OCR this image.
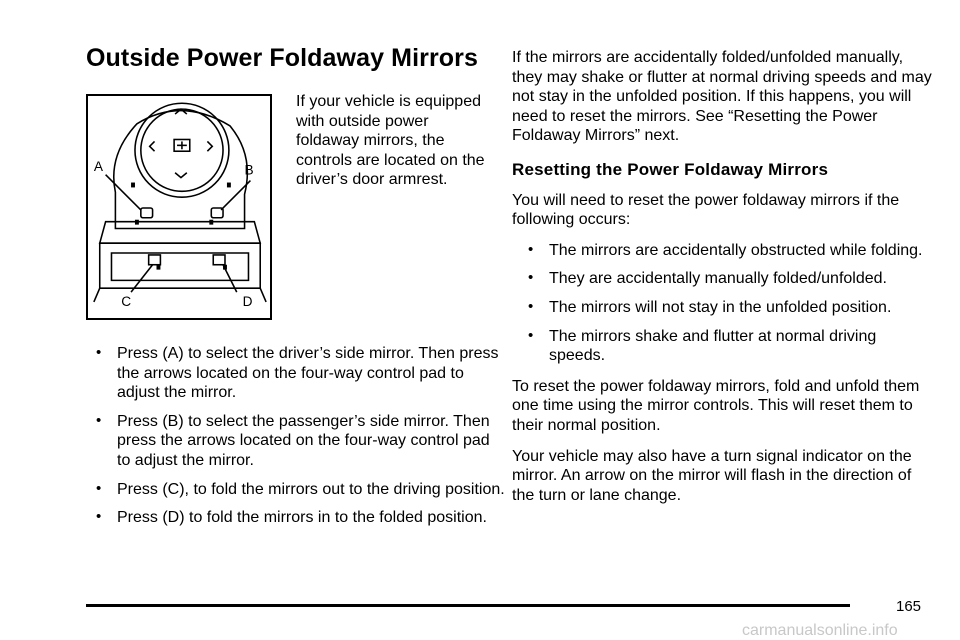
Outside Power Foldaway Mirrors
A	B
C	D

If your vehicle is equipped with outside power foldaway mirrors, the controls are located on the driver’s door armrest.

• Press (A) to select the driver’s side mirror. Then press the arrows located on the four-way control pad to adjust the mirror.
• Press (B) to select the passenger’s side mirror. Then press the arrows located on the four-way control pad to adjust the mirror.
• Press (C), to fold the mirrors out to the driving position.
• Press (D) to fold the mirrors in to the folded position.

If the mirrors are accidentally folded/unfolded manually, they may shake or flutter at normal driving speeds and may not stay in the unfolded position. If this happens, you will need to reset the mirrors. See “Resetting the Power Foldaway Mirrors” next.

Resetting the Power Foldaway Mirrors

You will need to reset the power foldaway mirrors if the following occurs:

• The mirrors are accidentally obstructed while folding.
• They are accidentally manually folded/unfolded.
• The mirrors will not stay in the unfolded position.
• The mirrors shake and flutter at normal driving speeds.

To reset the power foldaway mirrors, fold and unfold them one time using the mirror controls. This will reset them to their normal position.

Your vehicle may also have a turn signal indicator on the mirror. An arrow on the mirror will flash in the direction of the turn or lane change.

165
carmanualsonline.info
